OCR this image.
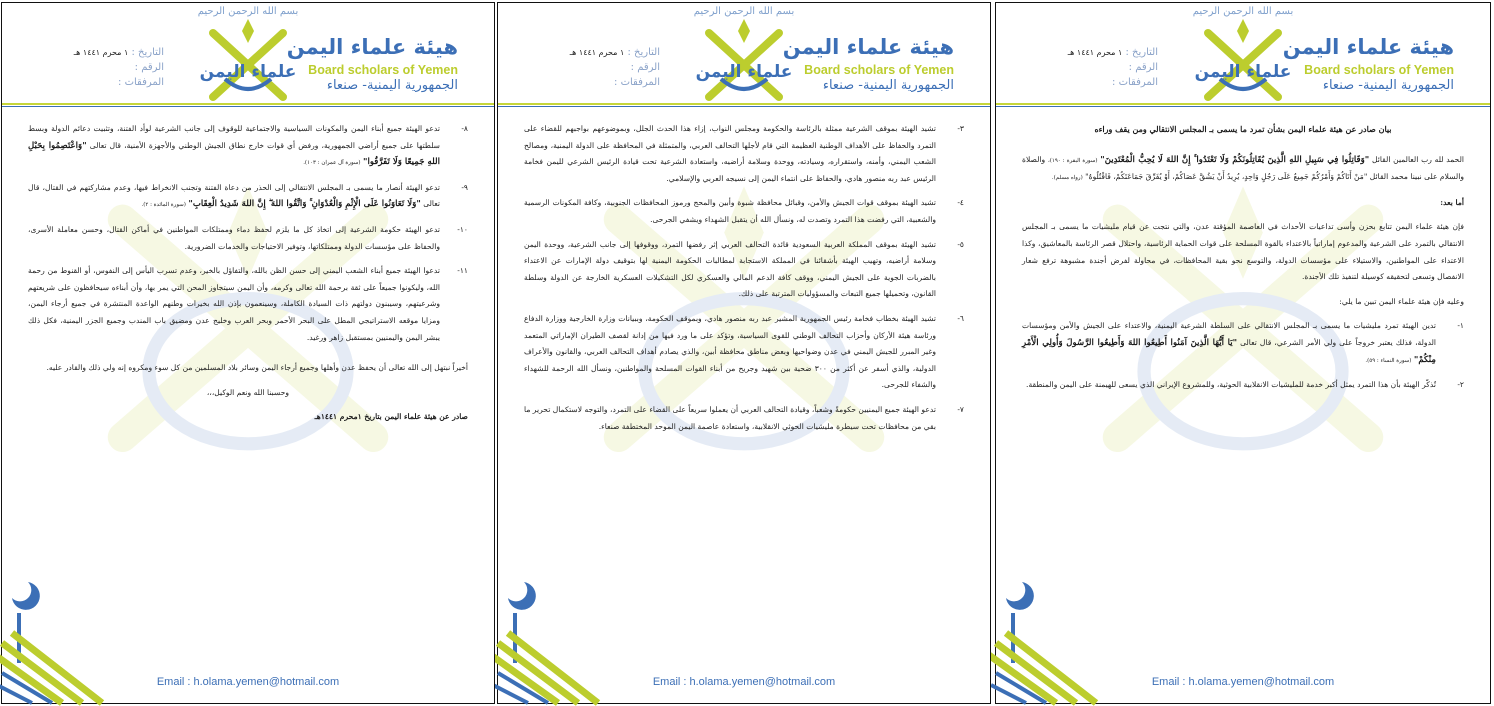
بسم الله الرحمن الرحيم
علماء اليمن
هيئة علماء اليمن
Board scholars of Yemen
الجمهورية اليمنية- صنعاء
التاريخ : ١ محرم ١٤٤١ هـ
الرقم :
المرفقات :
بيان صادر عن هيئة علماء اليمن بشأن تمرد ما يسمى بـ المجلس الانتقالي ومن يقف وراءه
الحمد لله رب العالمين القائل "وَقَاتِلُوا فِي سَبِيلِ اللهِ الَّذِينَ يُقَاتِلُونَكُمْ وَلَا تَعْتَدُوا ۚ إِنَّ اللهَ لَا يُحِبُّ الْمُعْتَدِينَ" (سورة البقرة : ١٩٠)، والصلاة والسلام على نبينا محمد القائل "مَنْ أَتَاكُمْ وَأَمْرُكُمْ جَمِيعٌ عَلَى رَجُلٍ وَاحِدٍ، يُرِيدُ أَنْ يَشُقَّ عَصَاكُمْ، أَوْ يُفَرِّقَ جَمَاعَتَكُمْ، فَاقْتُلُوهُ" (رواه مسلم).
أما بعد:
فإن هيئة علماء اليمن تتابع بحزن وأسى تداعيات الأحداث في العاصمة المؤقتة عدن، والتي نتجت عن قيام مليشيات ما يسمى بـ المجلس الانتقالي بالتمرد على الشرعية والمدعوم إماراتياً بالاعتداء بالقوة المسلحة على قوات الحماية الرئاسية، واحتلال قصر الرئاسة بالمعاشيق، وكذا الاعتداء على المواطنين، والاستيلاء على مؤسسات الدولة، والتوسع نحو بقية المحافظات، في محاولة لفرض أجندة مشبوهة ترفع شعار الانفصال وتسعى لتحقيقه كوسيلة لتنفيذ تلك الأجندة.
وعليه فإن هيئة علماء اليمن تبين ما يلي:
١-
تدين الهيئة تمرد مليشيات ما يسمى بـ المجلس الانتقالي على السلطة الشرعية اليمنية، والاعتداء على الجيش والأمن ومؤسسات الدولة، فذلك يعتبر خروجاً على ولي الأمر الشرعي، قال تعالى "يَا أَيُّهَا الَّذِينَ آمَنُوا أَطِيعُوا اللهَ وَأَطِيعُوا الرَّسُولَ وَأُولِي الْأَمْرِ مِنْكُمْ" (سورة النساء : ٥٩).
٢-
تُذكّر الهيئة بأن هذا التمرد يمثل أكبر خدمة للمليشيات الانقلابية الحوثية، وللمشروع الإيراني الذي يسعى للهيمنة على اليمن والمنطقة.
Email : h.olama.yemen@hotmail.com
بسم الله الرحمن الرحيم
علماء اليمن
هيئة علماء اليمن
Board scholars of Yemen
الجمهورية اليمنية- صنعاء
التاريخ : ١ محرم ١٤٤١ هـ
الرقم :
المرفقات :
٣-
تشيد الهيئة بموقف الشرعية ممثلة بالرئاسة والحكومة ومجلس النواب، إزاء هذا الحدث الجلل، وبموضوعهم بواجبهم للقضاء على التمرد والحفاظ على الأهداف الوطنية العظيمة التي قام لأجلها التحالف العربي، والمتمثلة في المحافظة على الدولة اليمنية، ومصالح الشعب اليمني، وأمنه، واستقراره، وسيادته، ووحدة وسلامة أراضيه، واستعادة الشرعية تحت قيادة الرئيس الشرعي لليمن فخامة الرئيس عبد ربه منصور هادي، والحفاظ على انتماء اليمن إلى نسيجه العربي والإسلامي.
٤-
تشيد الهيئة بموقف قوات الجيش والأمن، وقبائل محافظة شبوة وأبين والمحج ورموز المحافظات الجنوبية، وكافة المكونات الرسمية والشعبية، التي رفضت هذا التمرد وتصدت له، ونسأل الله أن يتقبل الشهداء ويشفي الجرحى.
٥-
تشيد الهيئة بموقف المملكة العربية السعودية قائدة التحالف العربي إثر رفضها التمرد، ووقوفها إلى جانب الشرعية، ووحدة اليمن وسلامة أراضيه، وتهيب الهيئة بأشقائنا في المملكة الاستجابة لمطالبات الحكومة اليمنية لها بتوقيف دولة الإمارات عن الاعتداء بالضربات الجوية على الجيش اليمني، ووقف كافة الدعم المالي والعسكري لكل التشكيلات العسكرية الخارجة عن الدولة وسلطة القانون، وتحميلها جميع التبعات والمسؤوليات المترتبة على ذلك.
٦-
تشيد الهيئة بخطاب فخامة رئيس الجمهورية المشير عبد ربه منصور هادي، وبموقف الحكومة، وببيانات وزارة الخارجية ووزارة الدفاع ورئاسة هيئة الأركان وأحزاب التحالف الوطني للقوى السياسية، وتؤكد على ما ورد فيها من إدانة لقصف الطيران الإماراتي المتعمد وغير المبرر للجيش اليمني في عدن وضواحيها وبعض مناطق محافظة أبين، والذي يصادم أهداف التحالف العربي، والقانون والأعراف الدولية، والذي أسفر عن أكثر من ٣٠٠ ضحية بين شهيد وجريح من أبناء القوات المسلحة والمواطنين، ونسأل الله الرحمة للشهداء والشفاء للجرحى.
٧-
تدعو الهيئة جميع اليمنيين حكومةً وشعباً، وقيادة التحالف العربي أن يعملوا سريعاً على القضاء على التمرد، والتوجه لاستكمال تحرير ما بقي من محافظات تحت سيطرة مليشيات الحوثي الانقلابية، واستعادة عاصمة اليمن الموحد المختطفة صنعاء.
Email : h.olama.yemen@hotmail.com
بسم الله الرحمن الرحيم
علماء اليمن
هيئة علماء اليمن
Board scholars of Yemen
الجمهورية اليمنية- صنعاء
التاريخ : ١ محرم ١٤٤١ هـ
الرقم :
المرفقات :
٨-
تدعو الهيئة جميع أبناء اليمن والمكونات السياسية والاجتماعية للوقوف إلى جانب الشرعية لوأد الفتنة، وتثبيت دعائم الدولة وبسط سلطتها على جميع أراضي الجمهورية، ورفض أي قوات خارج نطاق الجيش الوطني والأجهزة الأمنية، قال تعالى "وَاعْتَصِمُوا بِحَبْلِ اللهِ جَمِيعًا وَلَا تَفَرَّقُوا" (سورة آل عمران : ١٠٣).
٩-
تدعو الهيئة أنصار ما يسمى بـ المجلس الانتقالي إلى الحذر من دعاة الفتنة وتجنب الانخراط فيها، وعدم مشاركتهم في القتال، قال تعالى "وَلَا تَعَاوَنُوا عَلَى الْإِثْمِ وَالْعُدْوَانِ ۚ وَاتَّقُوا اللهَ ۖ إِنَّ اللهَ شَدِيدُ الْعِقَابِ" (سورة المائدة : ٢).
١٠-
تدعو الهيئة حكومة الشرعية إلى اتخاذ كل ما يلزم لحفظ دماء وممتلكات المواطنين في أماكن القتال، وحسن معاملة الأسرى، والحفاظ على مؤسسات الدولة وممتلكاتها، وتوفير الاحتياجات والخدمات الضرورية.
١١-
تدعوا الهيئة جميع أبناء الشعب اليمني إلى حسن الظن بالله، والتفاؤل بالخير، وعدم تسرب اليأس إلى النفوس، أو القنوط من رحمة الله، وليكونوا جميعاً على ثقة برحمة الله تعالى وكرمه، وأن اليمن سيتجاوز المحن التي يمر بها، وأن أبناءه سيحافظون على شريعتهم وشرعيتهم، وسيبنون دولتهم ذات السيادة الكاملة، وسينعمون بإذن الله بخيرات وطنهم الواعدة المنتشرة في جميع أرجاء اليمن، ومزايا موقعه الاستراتيجي المطل على البحر الأحمر وبحر العرب وخليج عدن ومضيق باب المندب وجميع الجزر اليمنية، فكل ذلك يبشر اليمن واليمنيين بمستقبل زاهر ورغيد.
أخيراً نبتهل إلى الله تعالى أن يحفظ عدن وأهلها وجميع أرجاء اليمن وسائر بلاد المسلمين من كل سوء ومكروه إنه ولي ذلك والقادر عليه.
وحسبنا الله ونعم الوكيل،،،
صادر عن هيئة علماء اليمن بتاريخ ١محرم ١٤٤١هـ
Email : h.olama.yemen@hotmail.com
